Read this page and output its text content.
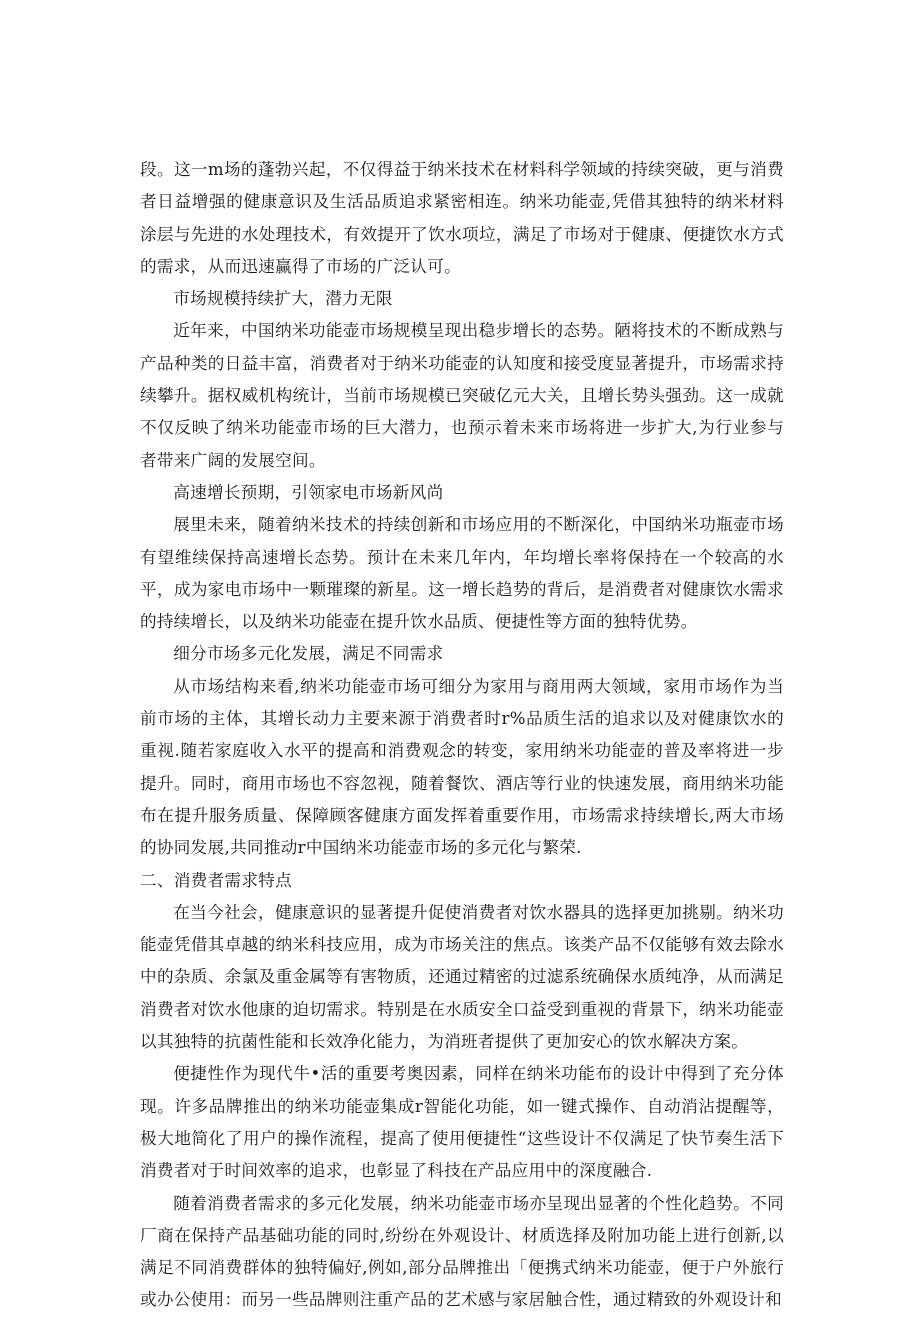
段。这一m场的蓬勃兴起，不仅得益于纳米技术在材料科学领域的持续突破，更与消费者日益增强的健康意识及生活品质追求紧密相连。纳米功能壶,凭借其独特的纳米材料涂层与先进的水处理技术，有效提开了饮水项垃，满足了市场对于健康、便捷饮水方式的需求，从而迅速赢得了市场的广泛认可。

市场规模持续扩大，潜力无限

近年来，中国纳米功能壶市场规模呈现出稳步增长的态势。陋将技术的不断成熟与产品种类的日益丰富，消费者对于纳米功能壶的认知度和接受度显著提升，市场需求持续攀升。据权威机构统计，当前市场规模已突破亿元大关，且增长势头强劲。这一成就不仅反映了纳米功能壶市场的巨大潜力，也预示着未来市场将进一步扩大,为行业参与者带来广阔的发展空间。

高速增长预期，引领家电市场新风尚

展里未来，随着纳米技术的持续创新和市场应用的不断深化，中国纳米功瓶壶市场有望维续保持高速增长态势。预计在未来几年内，年均增长率将保持在一个较高的水平，成为家电市场中一颗璀璨的新星。这一增长趋势的背后，是消费者对健康饮水需求的持续增长，以及纳米功能壶在提升饮水品质、便捷性等方面的独特优势。

细分市场多元化发展，满足不同需求

从市场结构来看,纳米功能壶市场可细分为家用与商用两大领域，家用市场作为当前市场的主体，其增长动力主要来源于消费者时r%品质生活的追求以及对健康饮水的重视.随若家庭收入水平的提高和消费观念的转变，家用纳米功能壶的普及率将进一步提升。同时，商用市场也不容忽视，随着餐饮、酒店等行业的快速发展，商用纳米功能布在提升服务质量、保障顾客健康方面发挥着重要作用，市场需求持续增长,两大市场的协同发展,共同推动r中国纳米功能壶市场的多元化与繁荣.

二、消费者需求特点

在当今社会，健康意识的显著提升促使消费者对饮水器具的选择更加挑剔。纳米功能壶凭借其卓越的纳米科技应用，成为市场关注的焦点。该类产品不仅能够有效去除水中的杂质、余氯及重金属等有害物质，还通过精密的过滤系统确保水质纯净，从而满足消费者对饮水他康的迫切需求。特别是在水质安全口益受到重视的背景下，纳米功能壶以其独特的抗菌性能和长效净化能力，为消班者提供了更加安心的饮水解决方案。

便捷性作为现代牛•活的重要考奥因素，同样在纳米功能布的设计中得到了充分体现。许多品牌推出的纳米功能壶集成r智能化功能，如一键式操作、自动消沾提醒等，极大地简化了用户的操作流程，提高了使用便捷性“这些设计不仅满足了快节奏生活下消费者对于时间效率的追求，也彰显了科技在产品应用中的深度融合.

随着消费者需求的多元化发展，纳米功能壶市场亦呈现出显著的个性化趋势。不同厂商在保持产品基础功能的同时,纷纷在外观设计、材质选择及附加功能上进行创新,以满足不同消费群体的独特偏好,例如,部分品牌推出「便携式纳米功能壶，便于户外旅行或办公使用：而另一些品牌则注重产品的艺术感与家居触合性，通过精致的外观设计和
